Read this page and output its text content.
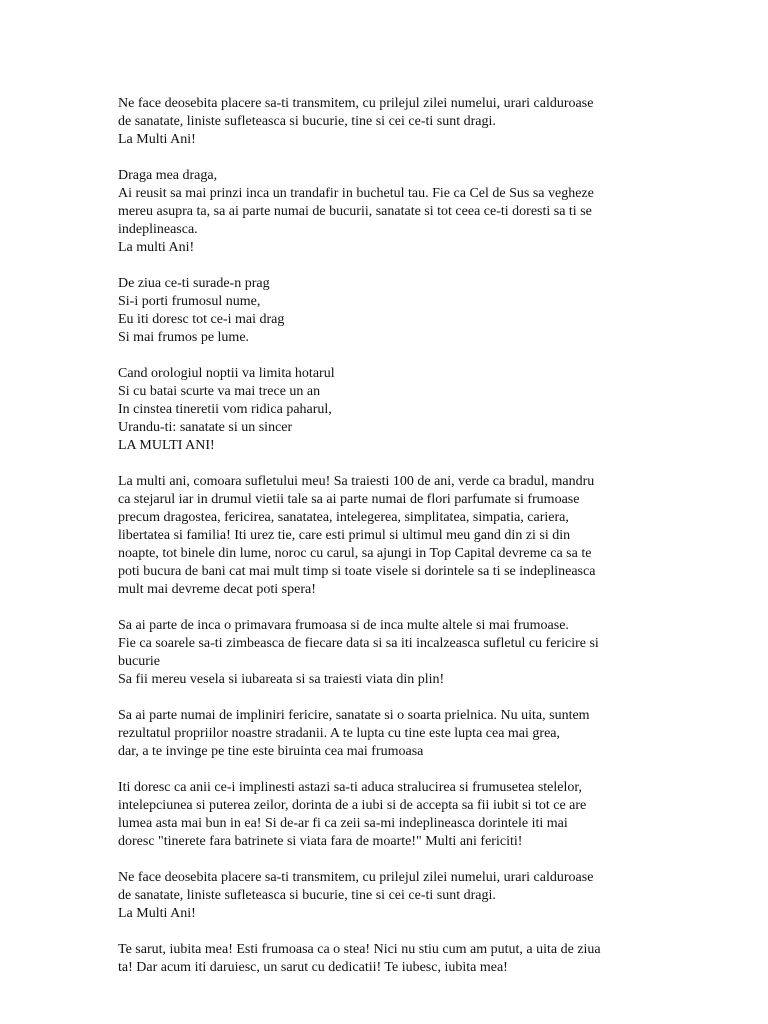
Ne face deosebita placere sa-ti transmitem, cu prilejul zilei numelui, urari calduroase
de sanatate, liniste sufleteasca si bucurie, tine si cei ce-ti sunt dragi.
La Multi Ani!
Draga mea draga,
Ai reusit sa mai prinzi inca un trandafir in buchetul tau. Fie ca Cel de Sus sa vegheze
mereu asupra ta, sa ai parte numai de bucurii, sanatate si tot ceea ce-ti doresti sa ti se
indeplineasca.
La multi Ani!
De ziua ce-ti surade-n prag
Si-i porti frumosul nume,
Eu iti doresc tot ce-i mai drag
Si mai frumos pe lume.
Cand orologiul noptii va limita hotarul
Si cu batai scurte va mai trece un an
In cinstea tineretii vom ridica paharul,
Urandu-ti: sanatate si un sincer
LA MULTI ANI!
La multi ani, comoara sufletului meu! Sa traiesti 100 de ani, verde ca bradul, mandru
ca stejarul iar in drumul vietii tale sa ai parte numai de flori parfumate si frumoase
precum dragostea, fericirea, sanatatea, intelegerea, simplitatea, simpatia, cariera,
libertatea si familia! Iti urez tie, care esti primul si ultimul meu gand din zi si din
noapte, tot binele din lume, noroc cu carul, sa ajungi in Top Capital devreme ca sa te
poti bucura de bani cat mai mult timp si toate visele si dorintele sa ti se indeplineasca
mult mai devreme decat poti spera!
Sa ai parte de inca o primavara frumoasa si de inca multe altele si mai frumoase.
Fie ca soarele sa-ti zimbeasca de fiecare data si sa iti incalzeasca sufletul cu fericire si
bucurie
Sa fii mereu vesela si iubareata si sa traiesti viata din plin!
Sa ai parte numai de impliniri fericire, sanatate si o soarta prielnica. Nu uita, suntem
rezultatul propriilor noastre stradanii. A te lupta cu tine este lupta cea mai grea,
dar, a te invinge pe tine este biruinta cea mai frumoasa
Iti doresc ca anii ce-i implinesti astazi sa-ti aduca stralucirea si frumusetea stelelor,
intelepciunea si puterea zeilor, dorinta de a iubi si de accepta sa fii iubit si tot ce are
lumea asta mai bun in ea! Si de-ar fi ca zeii sa-mi indeplineasca dorintele iti mai
doresc "tinerete fara batrinete si viata fara de moarte!" Multi ani fericiti!
Ne face deosebita placere sa-ti transmitem, cu prilejul zilei numelui, urari calduroase
de sanatate, liniste sufleteasca si bucurie, tine si cei ce-ti sunt dragi.
La Multi Ani!
Te sarut, iubita mea! Esti frumoasa ca o stea! Nici nu stiu cum am putut, a uita de ziua
ta! Dar acum iti daruiesc, un sarut cu dedicatii! Te iubesc, iubita mea!
